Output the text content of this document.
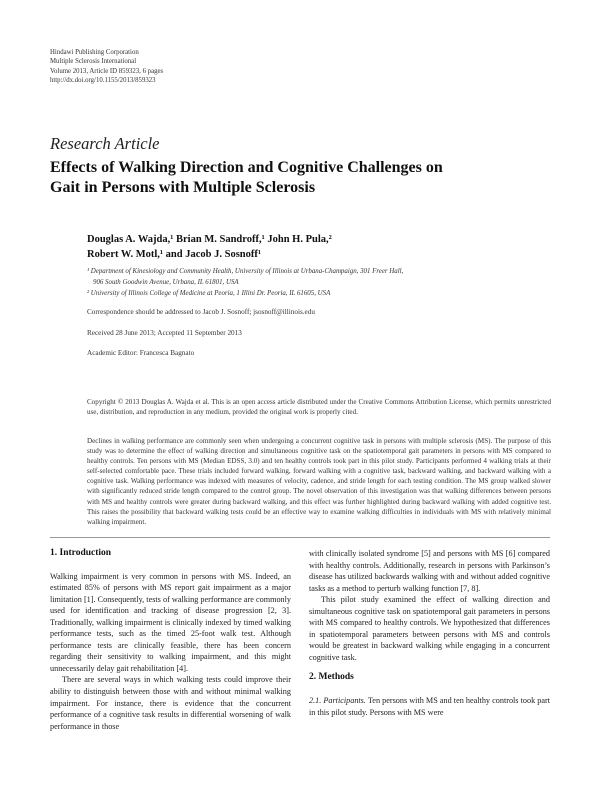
Hindawi Publishing Corporation
Multiple Sclerosis International
Volume 2013, Article ID 859323, 6 pages
http://dx.doi.org/10.1155/2013/859323
Research Article
Effects of Walking Direction and Cognitive Challenges on
Gait in Persons with Multiple Sclerosis
Douglas A. Wajda,¹ Brian M. Sandroff,¹ John H. Pula,²
Robert W. Motl,¹ and Jacob J. Sosnoff¹
¹ Department of Kinesiology and Community Health, University of Illinois at Urbana-Champaign, 301 Freer Hall,
906 South Goodwin Avenue, Urbana, IL 61801, USA
² University of Illinois College of Medicine at Peoria, 1 Illini Dr. Peoria, IL 61605, USA
Correspondence should be addressed to Jacob J. Sosnoff; jsosnoff@illinois.edu
Received 28 June 2013; Accepted 11 September 2013
Academic Editor: Francesca Bagnato
Copyright © 2013 Douglas A. Wajda et al. This is an open access article distributed under the Creative Commons Attribution License, which permits unrestricted use, distribution, and reproduction in any medium, provided the original work is properly cited.
Declines in walking performance are commonly seen when undergoing a concurrent cognitive task in persons with multiple sclerosis (MS). The purpose of this study was to determine the effect of walking direction and simultaneous cognitive task on the spatiotemporal gait parameters in persons with MS compared to healthy controls. Ten persons with MS (Median EDSS, 3.0) and ten healthy controls took part in this pilot study. Participants performed 4 walking trials at their self-selected comfortable pace. These trials included forward walking, forward walking with a cognitive task, backward walking, and backward walking with a cognitive task. Walking performance was indexed with measures of velocity, cadence, and stride length for each testing condition. The MS group walked slower with significantly reduced stride length compared to the control group. The novel observation of this investigation was that walking differences between persons with MS and healthy controls were greater during backward walking, and this effect was further highlighted during backward walking with added cognitive test. This raises the possibility that backward walking tests could be an effective way to examine walking difficulties in individuals with MS with relatively minimal walking impairment.
1. Introduction

Walking impairment is very common in persons with MS. Indeed, an estimated 85% of persons with MS report gait impairment as a major limitation [1]. Consequently, tests of walking performance are commonly used for identification and tracking of disease progression [2, 3]. Traditionally, walking impairment is clinically indexed by timed walking performance tests, such as the timed 25-foot walk test. Although performance tests are clinically feasible, there has been concern regarding their sensitivity to walking impairment, and this might unnecessarily delay gait rehabilitation [4].

There are several ways in which walking tests could improve their ability to distinguish between those with and without minimal walking impairment. For instance, there is evidence that the concurrent performance of a cognitive task results in differential worsening of walk performance in those

with clinically isolated syndrome [5] and persons with MS [6] compared with healthy controls. Additionally, research in persons with Parkinson’s disease has utilized backwards walking with and without added cognitive tasks as a method to perturb walking function [7, 8].

This pilot study examined the effect of walking direction and simultaneous cognitive task on spatiotemporal gait parameters in persons with MS compared to healthy controls. We hypothesized that differences in spatiotemporal parameters between persons with MS and controls would be greatest in backward walking while engaging in a concurrent cognitive task.

2. Methods

2.1. Participants. Ten persons with MS and ten healthy controls took part in this pilot study. Persons with MS were
